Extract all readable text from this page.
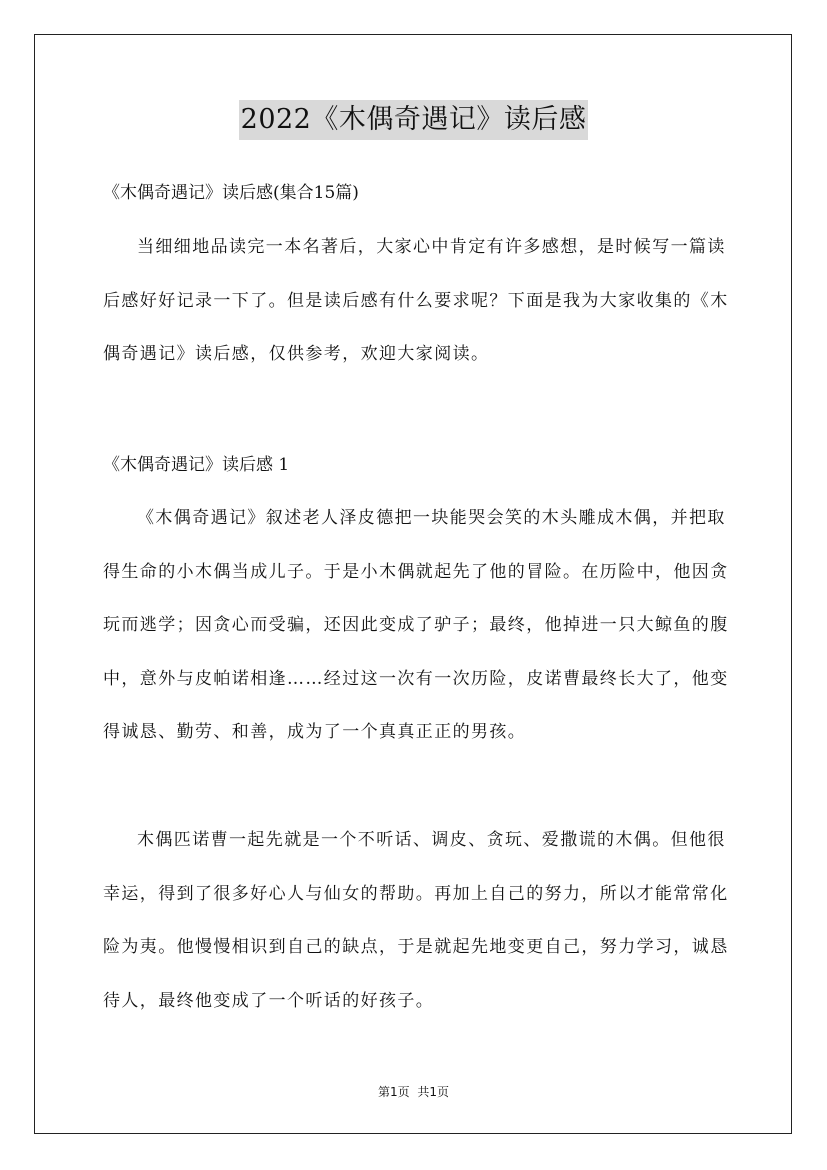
2022《木偶奇遇记》读后感
《木偶奇遇记》读后感(集合15篇)

当细细地品读完一本名著后，大家心中肯定有许多感想，是时候写一篇读后感好好记录一下了。但是读后感有什么要求呢？下面是我为大家收集的《木偶奇遇记》读后感，仅供参考，欢迎大家阅读。

《木偶奇遇记》读后感 1

《木偶奇遇记》叙述老人泽皮德把一块能哭会笑的木头雕成木偶，并把取得生命的小木偶当成儿子。于是小木偶就起先了他的冒险。在历险中，他因贪玩而逃学；因贪心而受骗，还因此变成了驴子；最终，他掉进一只大鲸鱼的腹中，意外与皮帕诺相逢……经过这一次有一次历险，皮诺曹最终长大了，他变得诚恳、勤劳、和善，成为了一个真真正正的男孩。

木偶匹诺曹一起先就是一个不听话、调皮、贪玩、爱撒谎的木偶。但他很幸运，得到了很多好心人与仙女的帮助。再加上自己的努力，所以才能常常化险为夷。他慢慢相识到自己的缺点，于是就起先地变更自己，努力学习，诚恳待人，最终他变成了一个听话的好孩子。

第1页 共1页
